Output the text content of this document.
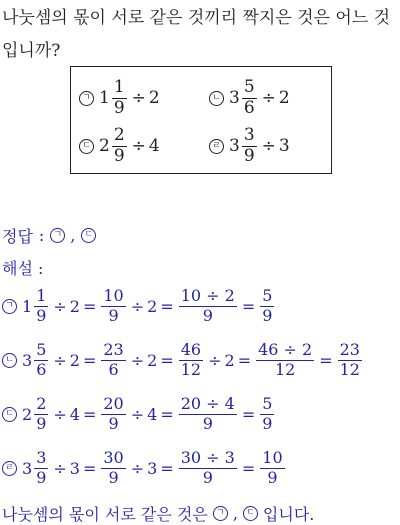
나눗셈의 몫이 서로 같은 것끼리 짝지은 것은 어느 것입니까?
ㄱ $1 \frac{1}{9} \div 2$	ㄴ $3 \frac{5}{6} \div 2$
ㄷ $2 \frac{2}{9} \div 4$	ㄹ $3 \frac{3}{9} \div 3$
정답 :	ㄱ ,	ㄷ
해설 :
ㄱ $1 \frac{1}{9} \div 2 = \frac{10}{9} \div 2 = \frac{10 \div 2}{9} = \frac{5}{9}$
ㄴ $3 \frac{5}{6} \div 2 = \frac{23}{6} \div 2 = \frac{46}{12} \div 2 = \frac{46 \div 2}{12} = \frac{23}{12}$
ㄷ $2 \frac{2}{9} \div 4 = \frac{20}{9} \div 4 = \frac{20 \div 4}{9} = \frac{5}{9}$
ㄹ $3 \frac{3}{9} \div 3 = \frac{30}{9} \div 3 = \frac{30 \div 3}{9} = \frac{10}{9}$
나눗셈의 몫이 서로 같은 것은 ㄱ , ㄷ 입니다.
